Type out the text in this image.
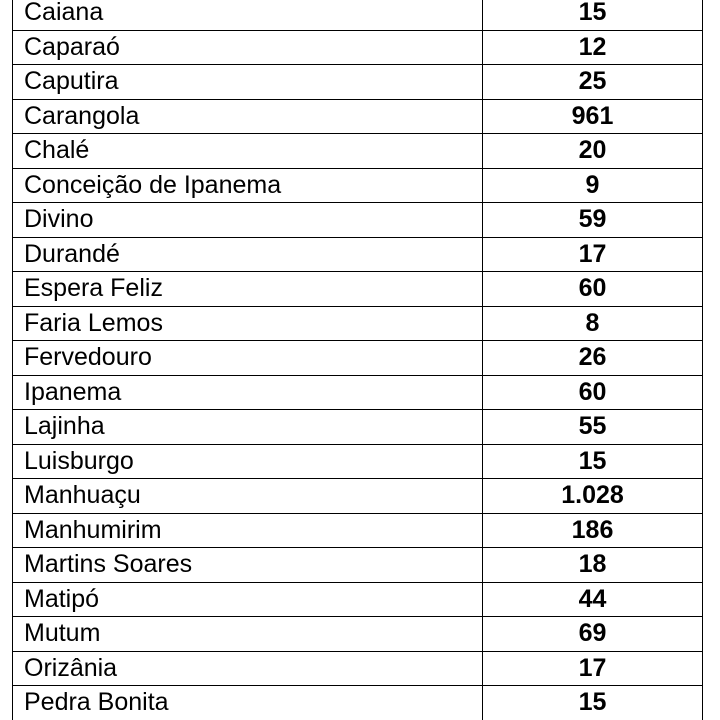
Caiana	15
Caparaó	12
Caputira	25
Carangola	961
Chalé	20
Conceição de Ipanema	9
Divino	59
Durandé	17
Espera Feliz	60
Faria Lemos	8
Fervedouro	26
Ipanema	60
Lajinha	55
Luisburgo	15
Manhuaçu	1.028
Manhumirim	186
Martins Soares	18
Matipó	44
Mutum	69
Orizânia	17
Pedra Bonita	15
